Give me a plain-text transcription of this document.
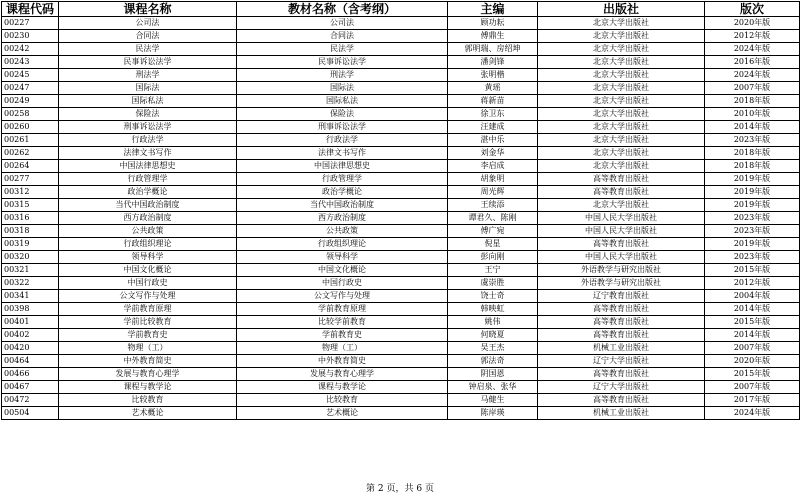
课程代码	课程名称	教材名称（含考纲）	主编	出版社	版次
00227	公司法	公司法	顾功耘	北京大学出版社	2020年版
00230	合同法	合同法	傅鼎生	北京大学出版社	2012年版
00242	民法学	民法学	郭明瑞、房绍坤	北京大学出版社	2024年版
00243	民事诉讼法学	民事诉讼法学	潘剑锋	北京大学出版社	2016年版
00245	刑法学	刑法学	张明楷	北京大学出版社	2024年版
00247	国际法	国际法	黄瑶	北京大学出版社	2007年版
00249	国际私法	国际私法	蒋新苗	北京大学出版社	2018年版
00258	保险法	保险法	徐卫东	北京大学出版社	2010年版
00260	刑事诉讼法学	刑事诉讼法学	汪建成	北京大学出版社	2014年版
00261	行政法学	行政法学	湛中乐	北京大学出版社	2023年版
00262	法律文书写作	法律文书写作	刘金华	北京大学出版社	2018年版
00264	中国法律思想史	中国法律思想史	李启成	北京大学出版社	2018年版
00277	行政管理学	行政管理学	胡象明	高等教育出版社	2019年版
00312	政治学概论	政治学概论	周光辉	高等教育出版社	2019年版
00315	当代中国政治制度	当代中国政治制度	王续添	北京大学出版社	2019年版
00316	西方政治制度	西方政治制度	谭君久、陈刚	中国人民大学出版社	2023年版
00318	公共政策	公共政策	傅广宛	中国人民大学出版社	2023年版
00319	行政组织理论	行政组织理论	倪星	高等教育出版社	2019年版
00320	领导科学	领导科学	彭向刚	中国人民大学出版社	2023年版
00321	中国文化概论	中国文化概论	王宁	外语教学与研究出版社	2015年版
00322	中国行政史	中国行政史	虞崇胜	外语教学与研究出版社	2012年版
00341	公文写作与处理	公文写作与处理	饶士奇	辽宁教育出版社	2004年版
00398	学前教育原理	学前教育原理	韩映虹	高等教育出版社	2014年版
00401	学前比较教育	比较学前教育	姚伟	高等教育出版社	2015年版
00402	学前教育史	学前教育史	何晓夏	高等教育出版社	2014年版
00420	物理（工）	物理（工）	吴王杰	机械工业出版社	2007年版
00464	中外教育简史	中外教育简史	郭法奇	辽宁大学出版社	2020年版
00466	发展与教育心理学	发展与教育心理学	阴国恩	高等教育出版社	2015年版
00467	课程与教学论	课程与教学论	钟启泉、张华	辽宁大学出版社	2007年版
00472	比较教育	比较教育	马健生	高等教育出版社	2017年版
00504	艺术概论	艺术概论	陈岸瑛	机械工业出版社	2024年版
第 2 页，共 6 页
